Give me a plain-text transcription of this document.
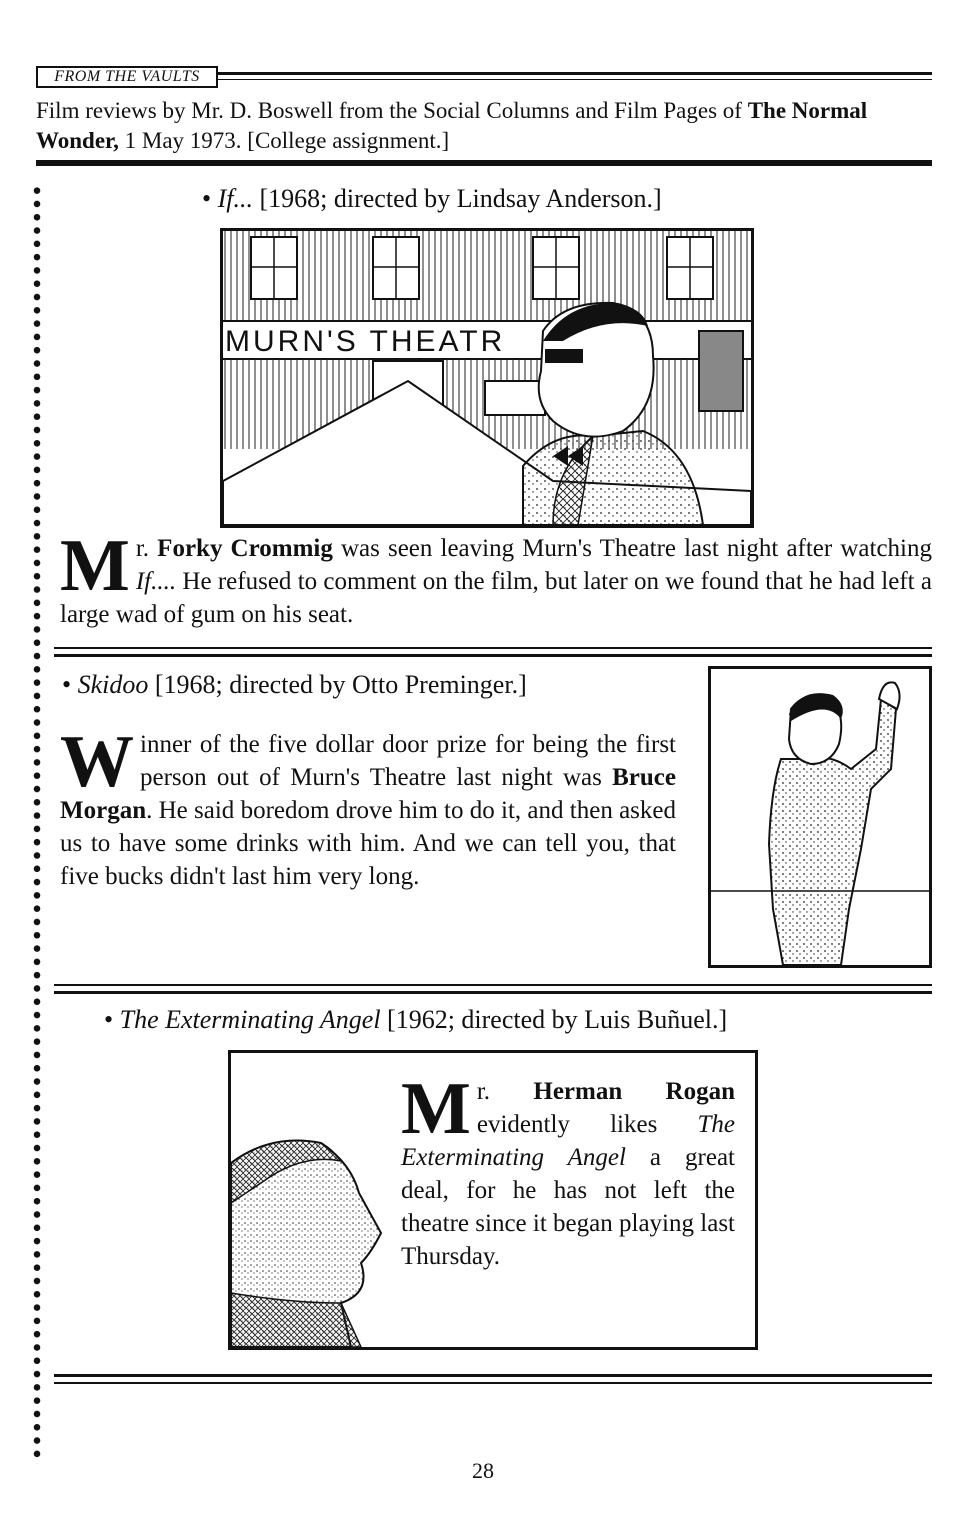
FROM THE VAULTS
Film reviews by Mr. D. Boswell from the Social Columns and Film Pages of The Normal Wonder, 1 May 1973. [College assignment.]
• If... [1968; directed by Lindsay Anderson.]
MURN'S THEATR
Mr. Forky Crommig was seen leaving Murn's Theatre last night after watching If.... He refused to comment on the film, but later on we found that he had left a large wad of gum on his seat.
• Skidoo [1968; directed by Otto Preminger.]
Winner of the five dollar door prize for being the first person out of Murn's Theatre last night was Bruce Morgan. He said boredom drove him to do it, and then asked us to have some drinks with him. And we can tell you, that five bucks didn't last him very long.
• The Exterminating Angel [1962; directed by Luis Buñuel.]
Mr. Herman Rogan evidently likes The Exterminating Angel a great deal, for he has not left the theatre since it began playing last Thursday.
28
